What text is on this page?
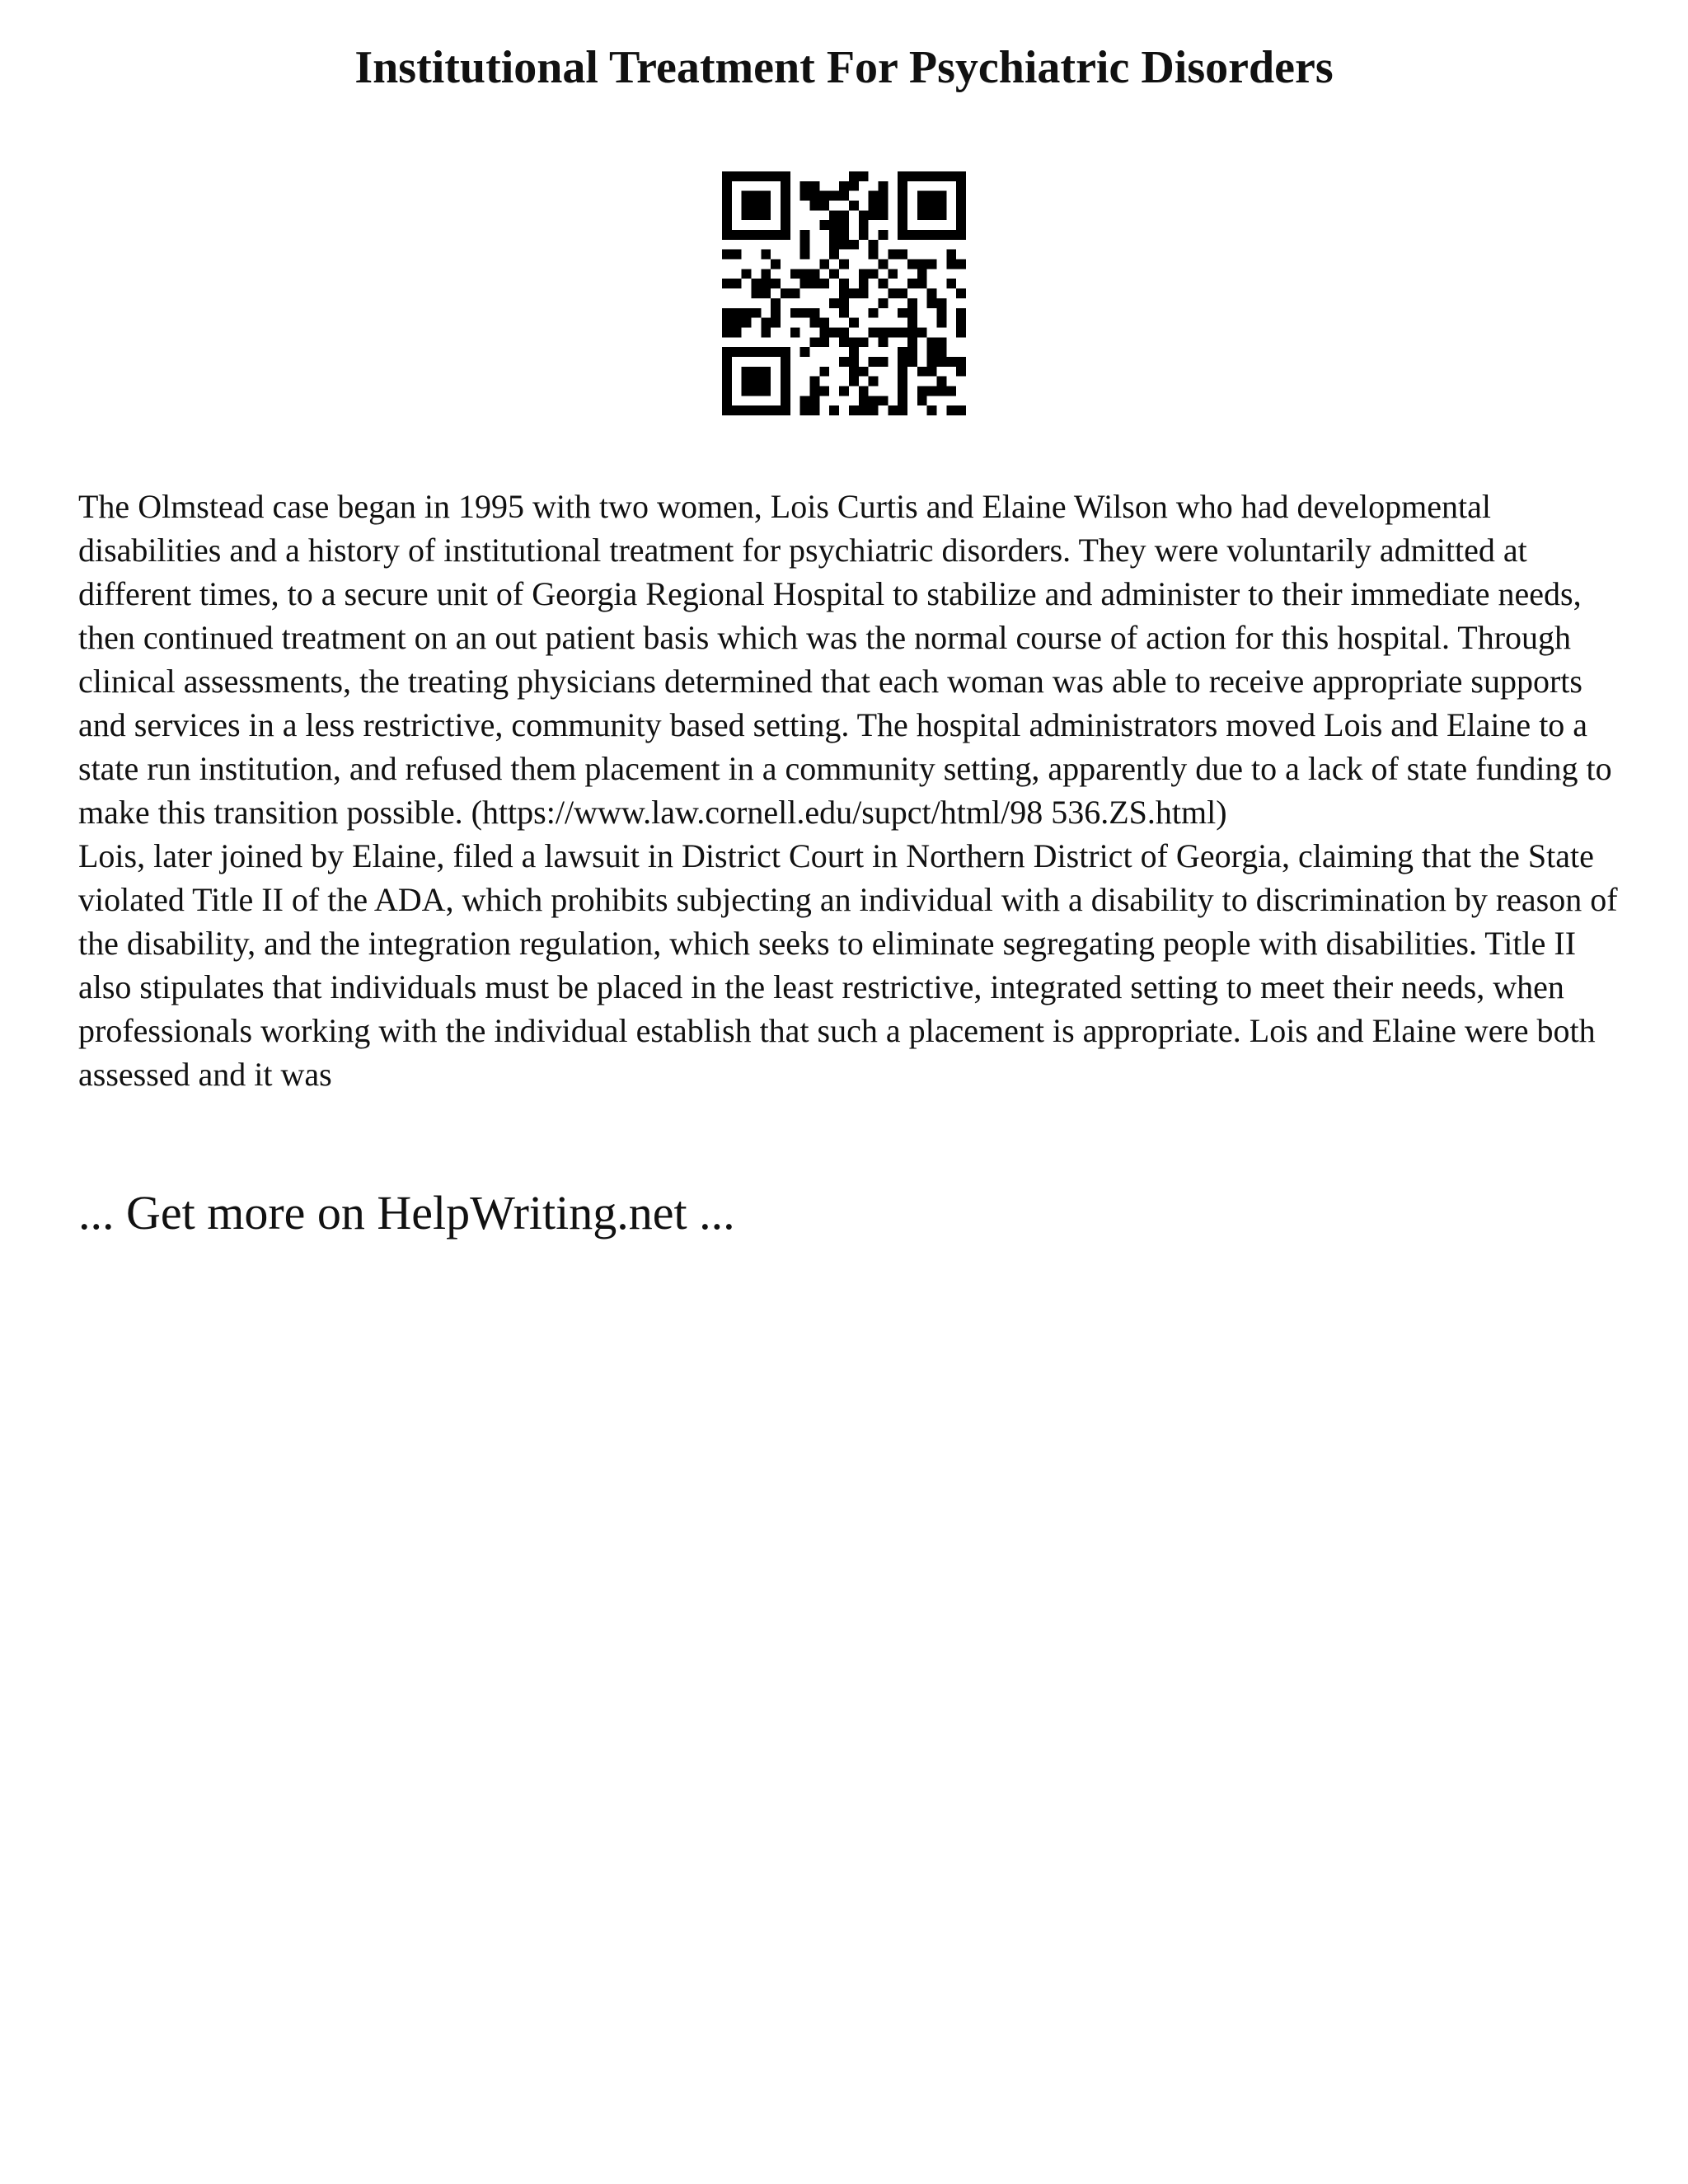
Institutional Treatment For Psychiatric Disorders

The Olmstead case began in 1995 with two women, Lois Curtis and Elaine Wilson who had developmental disabilities and a history of institutional treatment for psychiatric disorders. They were voluntarily admitted at different times, to a secure unit of Georgia Regional Hospital to stabilize and administer to their immediate needs, then continued treatment on an out patient basis which was the normal course of action for this hospital. Through clinical assessments, the treating physicians determined that each woman was able to receive appropriate supports and services in a less restrictive, community based setting. The hospital administrators moved Lois and Elaine to a state run institution, and refused them placement in a community setting, apparently due to a lack of state funding to make this transition possible. (https://www.law.cornell.edu/supct/html/98 536.ZS.html)

Lois, later joined by Elaine, filed a lawsuit in District Court in Northern District of Georgia, claiming that the State violated Title II of the ADA, which prohibits subjecting an individual with a disability to discrimination by reason of the disability, and the integration regulation, which seeks to eliminate segregating people with disabilities. Title II also stipulates that individuals must be placed in the least restrictive, integrated setting to meet their needs, when professionals working with the individual establish that such a placement is appropriate. Lois and Elaine were both assessed and it was

... Get more on HelpWriting.net ...
